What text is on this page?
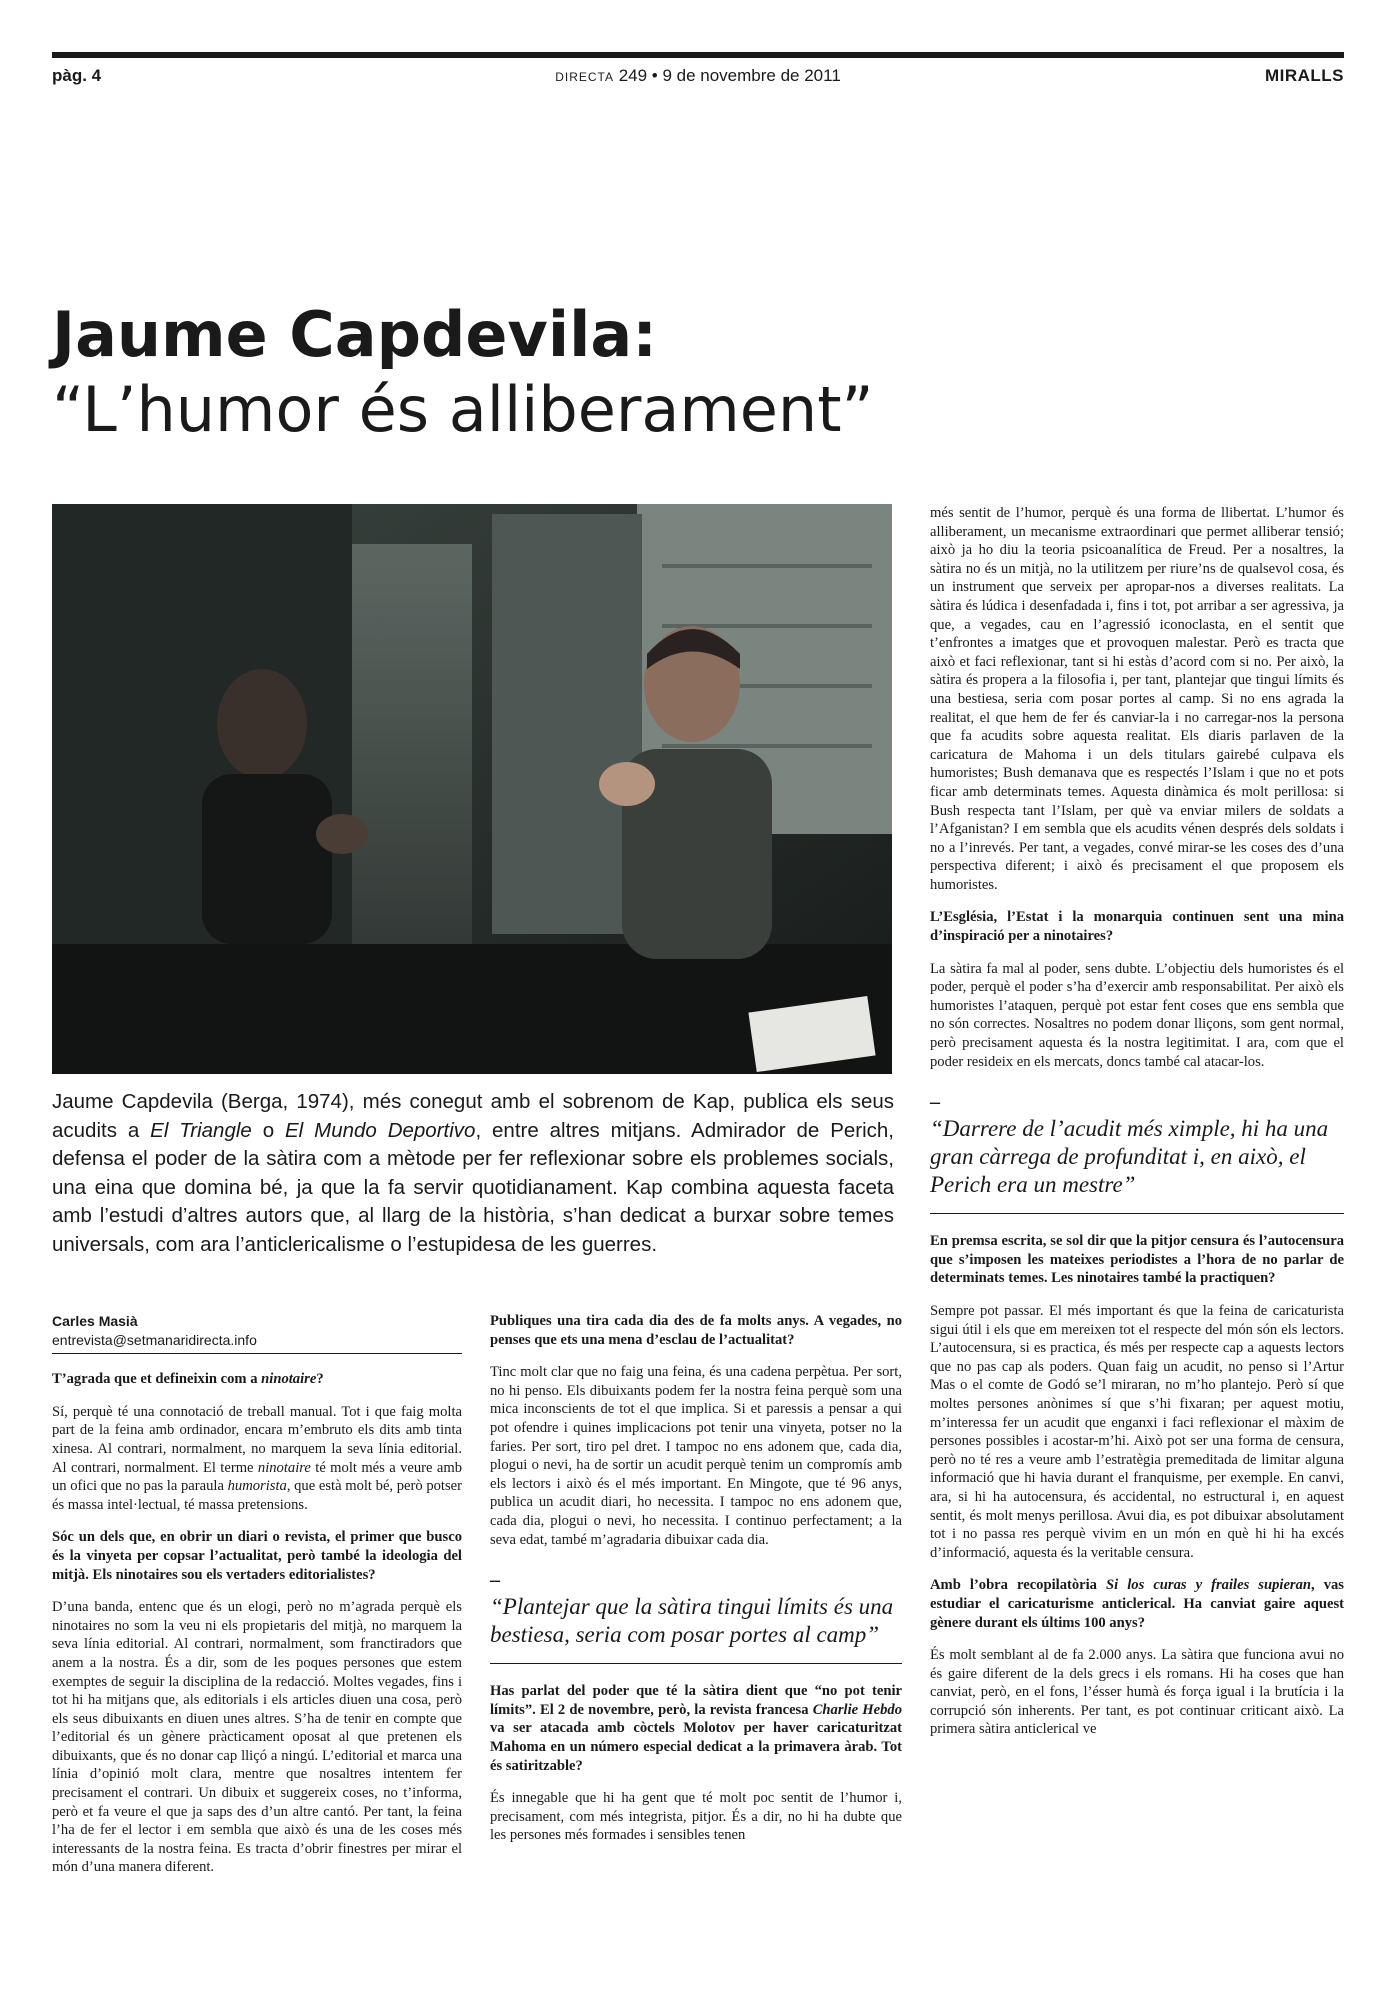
pàg. 4	DIRECTA 249 • 9 de novembre de 2011	MIRALLS
Jaume Capdevila:
“L’humor és alliberament”
Jaume Capdevila (Berga, 1974), més conegut amb el sobrenom de Kap, publica els seus acudits a El Triangle o El Mundo Deportivo, entre altres mitjans. Admirador de Perich, defensa el poder de la sàtira com a mètode per fer reflexionar sobre els problemes socials, una eina que domina bé, ja que la fa servir quotidianament. Kap combina aquesta faceta amb l’estudi d’altres autors que, al llarg de la història, s’han dedicat a burxar sobre temes universals, com ara l’anticlericalisme o l’estupidesa de les guerres.
Carles Masià
entrevista@setmanaridirecta.info

T’agrada que et defineixin com a ninotaire?

Sí, perquè té una connotació de treball manual. Tot i que faig molta part de la feina amb ordinador, encara m’embruto els dits amb tinta xinesa. Al contrari, normalment, no marquem la seva línia editorial. Al contrari, normalment. El terme ninotaire té molt més a veure amb un ofici que no pas la paraula humorista, que està molt bé, però potser és massa intel·lectual, té massa pretensions.

Sóc un dels que, en obrir un diari o revista, el primer que busco és la vinyeta per copsar l’actualitat, però també la ideologia del mitjà. Els ninotaires sou els vertaders editorialistes?

D’una banda, entenc que és un elogi, però no m’agrada perquè els ninotaires no som la veu ni els propietaris del mitjà, no marquem la seva línia editorial. Al contrari, normalment, som franctiradors que anem a la nostra. És a dir, som de les poques persones que estem exemptes de seguir la disciplina de la redacció. Moltes vegades, fins i tot hi ha mitjans que, als editorials i els articles diuen una cosa, però els seus dibuixants en diuen unes altres. S’ha de tenir en compte que l’editorial és un gènere pràcticament oposat al que pretenen els dibuixants, que és no donar cap lliçó a ningú. L’editorial et marca una línia d’opinió molt clara, mentre que nosaltres intentem fer precisament el contrari. Un dibuix et suggereix coses, no t’informa, però et fa veure el que ja saps des d’un altre cantó. Per tant, la feina l’ha de fer el lector i em sembla que això és una de les coses més interessants de la nostra feina. Es tracta d’obrir finestres per mirar el món d’una manera diferent.

Publiques una tira cada dia des de fa molts anys. A vegades, no penses que ets una mena d’esclau de l’actualitat?

Tinc molt clar que no faig una feina, és una cadena perpètua. Per sort, no hi penso. Els dibuixants podem fer la nostra feina perquè som una mica inconscients de tot el que implica. Si et paressis a pensar a qui pot ofendre i quines implicacions pot tenir una vinyeta, potser no la faries. Per sort, tiro pel dret. I tampoc no ens adonem que, cada dia, plogui o nevi, ha de sortir un acudit perquè tenim un compromís amb els lectors i això és el més important. En Mingote, que té 96 anys, publica un acudit diari, ho necessita. I tampoc no ens adonem que, cada dia, plogui o nevi, ho necessita. I continuo perfectament; a la seva edat, també m’agradaria dibuixar cada dia.

–

“Plantejar que la sàtira tingui límits és una bestiesa, seria com posar portes al camp”

Has parlat del poder que té la sàtira dient que “no pot tenir límits”. El 2 de novembre, però, la revista francesa Charlie Hebdo va ser atacada amb còctels Molotov per haver caricaturitzat Mahoma en un número especial dedicat a la primavera àrab. Tot és satiritzable?

És innegable que hi ha gent que té molt poc sentit de l’humor i, precisament, com més integrista, pitjor. És a dir, no hi ha dubte que les persones més formades i sensibles tenen

més sentit de l’humor, perquè és una forma de llibertat. L’humor és alliberament, un mecanisme extraordinari que permet alliberar tensió; això ja ho diu la teoria psicoanalítica de Freud. Per a nosaltres, la sàtira no és un mitjà, no la utilitzem per riure’ns de qualsevol cosa, és un instrument que serveix per apropar-nos a diverses realitats. La sàtira és lúdica i desenfadada i, fins i tot, pot arribar a ser agressiva, ja que, a vegades, cau en l’agressió iconoclasta, en el sentit que t’enfrontes a imatges que et provoquen malestar. Però es tracta que això et faci reflexionar, tant si hi estàs d’acord com si no. Per això, la sàtira és propera a la filosofia i, per tant, plantejar que tingui límits és una bestiesa, seria com posar portes al camp. Si no ens agrada la realitat, el que hem de fer és canviar-la i no carregar-nos la persona que fa acudits sobre aquesta realitat. Els diaris parlaven de la caricatura de Mahoma i un dels titulars gairebé culpava els humoristes; Bush demanava que es respectés l’Islam i que no et pots ficar amb determinats temes. Aquesta dinàmica és molt perillosa: si Bush respecta tant l’Islam, per què va enviar milers de soldats a l’Afganistan? I em sembla que els acudits vénen després dels soldats i no a l’inrevés. Per tant, a vegades, convé mirar-se les coses des d’una perspectiva diferent; i això és precisament el que proposem els humoristes.

L’Església, l’Estat i la monarquia continuen sent una mina d’inspiració per a ninotaires?

La sàtira fa mal al poder, sens dubte. L’objectiu dels humoristes és el poder, perquè el poder s’ha d’exercir amb responsabilitat. Per això els humoristes l’ataquen, perquè pot estar fent coses que ens sembla que no són correctes. Nosaltres no podem donar lliçons, som gent normal, però precisament aquesta és la nostra legitimitat. I ara, com que el poder resideix en els mercats, doncs també cal atacar-los.

–

“Darrere de l’acudit més ximple, hi ha una gran càrrega de profunditat i, en això, el Perich era un mestre”

En premsa escrita, se sol dir que la pitjor censura és l’autocensura que s’imposen les mateixes periodistes a l’hora de no parlar de determinats temes. Les ninotaires també la practiquen?

Sempre pot passar. El més important és que la feina de caricaturista sigui útil i els que em mereixen tot el respecte del món són els lectors. L’autocensura, si es practica, és més per respecte cap a aquests lectors que no pas cap als poders. Quan faig un acudit, no penso si l’Artur Mas o el comte de Godó se’l miraran, no m’ho plantejo. Però sí que moltes persones anònimes sí que s’hi fixaran; per aquest motiu, m’interessa fer un acudit que enganxi i faci reflexionar el màxim de persones possibles i acostar-m’hi. Això pot ser una forma de censura, però no té res a veure amb l’estratègia premeditada de limitar alguna informació que hi havia durant el franquisme, per exemple. En canvi, ara, si hi ha autocensura, és accidental, no estructural i, en aquest sentit, és molt menys perillosa. Avui dia, es pot dibuixar absolutament tot i no passa res perquè vivim en un món en què hi hi ha excés d’informació, aquesta és la veritable censura.

Amb l’obra recopilatòria Si los curas y frailes supieran, vas estudiar el caricaturisme anticlerical. Ha canviat gaire aquest gènere durant els últims 100 anys?

És molt semblant al de fa 2.000 anys. La sàtira que funciona avui no és gaire diferent de la dels grecs i els romans. Hi ha coses que han canviat, però, en el fons, l’ésser humà és força igual i la brutícia i la corrupció són inherents. Per tant, es pot continuar criticant això. La primera sàtira anticlerical ve
